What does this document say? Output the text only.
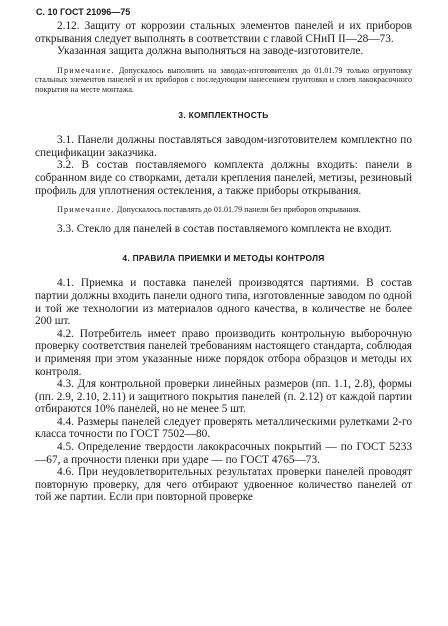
С. 10 ГОСТ 21096—75

2.12. Защиту от коррозии стальных элементов панелей и их приборов открывания следует выполнять в соответствии с главой СНиП II—28—73.

Указанная защита должна выполняться на заводе-изготовителе.

Примечание. Допускалось выполнять на заводах-изготовителях до 01.01.79 только огрунтовку стальных элементов панелей и их приборов с последующим нанесением грунтовки и слоев лакокрасочного покрытия на месте монтажа.

3. КОМПЛЕКТНОСТЬ

3.1. Панели должны поставляться заводом-изготовителем комплектно по спецификации заказчика.

3.2. В состав поставляемого комплекта должны входить: панели в собранном виде со створками, детали крепления панелей, метизы, резиновый профиль для уплотнения остекления, а также приборы открывания.

Примечание. Допускалось поставлять до 01.01.79 панели без приборов открывания.

3.3. Стекло для панелей в состав поставляемого комплекта не входит.

4. ПРАВИЛА ПРИЕМКИ И МЕТОДЫ КОНТРОЛЯ

4.1. Приемка и поставка панелей производятся партиями. В состав партии должны входить панели одного типа, изготовленные заводом по одной и той же технологии из материалов одного качества, в количестве не более 200 шт.

4.2. Потребитель имеет право производить контрольную выборочную проверку соответствия панелей требованиям настоящего стандарта, соблюдая и применяя при этом указанные ниже порядок отбора образцов и методы их контроля.

4.3. Для контрольной проверки линейных размеров (пп. 1.1, 2.8), формы (пп. 2.9, 2.10, 2.11) и защитного покрытия панелей (п. 2.12) от каждой партии отбираются 10% панелей, но не менее 5 шт.

4.4. Размеры панелей следует проверять металлическими рулетками 2-го класса точности по ГОСТ 7502—80.

4.5. Определение твердости лакокрасочных покрытий — по ГОСТ 5233—67, а прочности пленки при ударе — по ГОСТ 4765—73.

4.6. При неудовлетворительных результатах проверки панелей проводят повторную проверку, для чего отбирают удвоенное количество панелей от той же партии. Если при повторной проверке
